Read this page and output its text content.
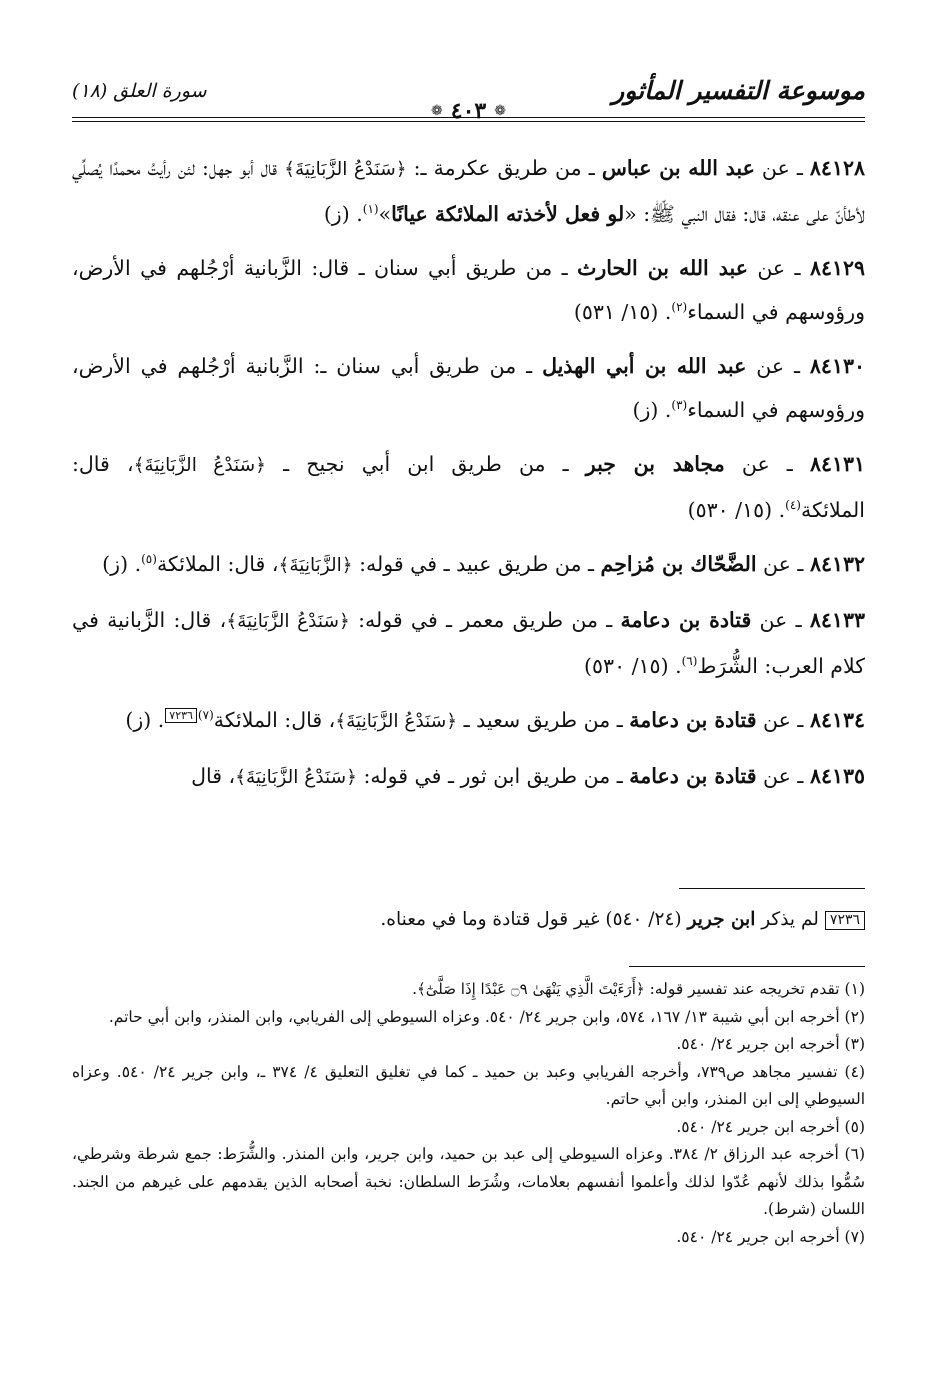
موسوعة التفسير المأثور
❁
٤٠٣
❁
سورة العلق (١٨)

٨٤١٢٨ ـ عن عبد الله بن عباس ـ من طريق عكرمة ـ: ﴿سَنَدْعُ الزَّبَانِيَةَ﴾ قال أبو جهل: لئن رأيتُ محمدًا يُصلِّي لأطأنّ على عنقه، قال: فقال النبي ﷺ: «لو فعل لأخذته الملائكة عيانًا»$^{(١)}$. (ز)

٨٤١٢٩ ـ عن عبد الله بن الحارث ـ من طريق أبي سنان ـ قال: الزَّبانية أرْجُلهم في الأرض، ورؤوسهم في السماء$^{(٢)}$. (١٥/ ٥٣١)

٨٤١٣٠ ـ عن عبد الله بن أبي الهذيل ـ من طريق أبي سنان ـ: الزَّبانية أرْجُلهم في الأرض، ورؤوسهم في السماء$^{(٣)}$. (ز)

٨٤١٣١ ـ عن مجاهد بن جبر ـ من طريق ابن أبي نجيح ـ ﴿سَنَدْعُ الزَّبَانِيَةَ﴾، قال: الملائكة$^{(٤)}$. (١٥/ ٥٣٠)

٨٤١٣٢ ـ عن الضَّحّاك بن مُزاحِم ـ من طريق عبيد ـ في قوله: ﴿الزَّبَانِيَةَ﴾، قال: الملائكة$^{(٥)}$. (ز)

٨٤١٣٣ ـ عن قتادة بن دعامة ـ من طريق معمر ـ في قوله: ﴿سَنَدْعُ الزَّبَانِيَةَ﴾، قال: الزَّبانية في كلام العرب: الشُّرَط$^{(٦)}$. (١٥/ ٥٣٠)

٨٤١٣٤ ـ عن قتادة بن دعامة ـ من طريق سعيد ـ ﴿سَنَدْعُ الزَّبَانِيَةَ﴾، قال: الملائكة$^{(٧)}$٧٢٣٦. (ز)

٨٤١٣٥ ـ عن قتادة بن دعامة ـ من طريق ابن ثور ـ في قوله: ﴿سَنَدْعُ الزَّبَانِيَةَ﴾، قال

٧٢٣٦لم يذكر ابن جرير (٢٤/ ٥٤٠) غير قول قتادة وما في معناه.

(١) تقدم تخريجه عند تفسير قوله: ﴿أَرَءَيْتَ الَّذِي يَنْهَىٰ ۝٩ عَبْدًا إِذَا صَلَّىٰٓ﴾.

(٢) أخرجه ابن أبي شيبة ١٣/ ١٦٧، ٥٧٤، وابن جرير ٢٤/ ٥٤٠. وعزاه السيوطي إلى الفريابي، وابن المنذر، وابن أبي حاتم.

(٣) أخرجه ابن جرير ٢٤/ ٥٤٠.

(٤) تفسير مجاهد ص٧٣٩، وأخرجه الفريابي وعبد بن حميد ـ كما في تغليق التعليق ٤/ ٣٧٤ ـ، وابن جرير ٢٤/ ٥٤٠. وعزاه السيوطي إلى ابن المنذر، وابن أبي حاتم.

(٥) أخرجه ابن جرير ٢٤/ ٥٤٠.

(٦) أخرجه عبد الرزاق ٢/ ٣٨٤. وعزاه السيوطي إلى عبد بن حميد، وابن جرير، وابن المنذر. والشُّرَط: جمع شرطة وشرطي، سُمُّوا بذلك لأنهم عُدّوا لذلك وأعلموا أنفسهم بعلامات، وشُرَط السلطان: نخبة أصحابه الذين يقدمهم على غيرهم من الجند. اللسان (شرط).

(٧) أخرجه ابن جرير ٢٤/ ٥٤٠.
